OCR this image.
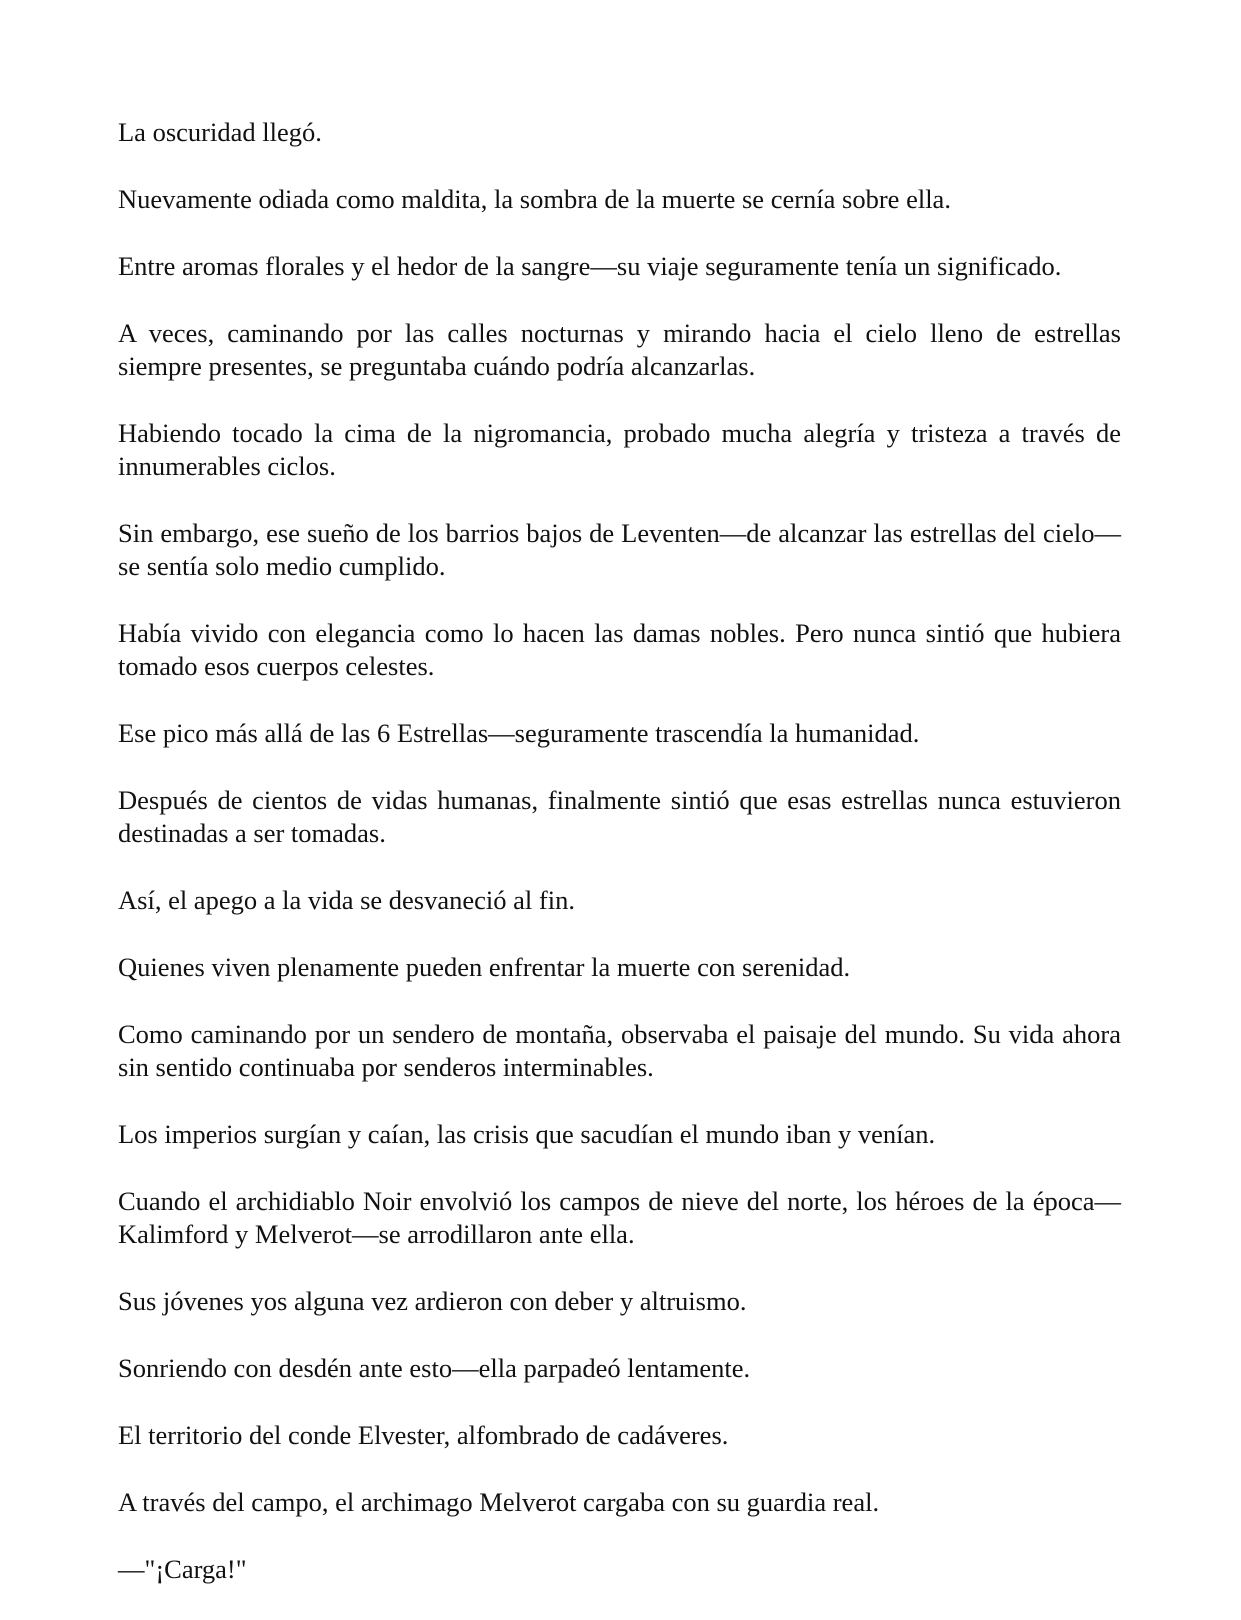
La oscuridad llegó.

Nuevamente odiada como maldita, la sombra de la muerte se cernía sobre ella.

Entre aromas florales y el hedor de la sangre—su viaje seguramente tenía un significado.

A veces, caminando por las calles nocturnas y mirando hacia el cielo lleno de estrellas siempre presentes, se preguntaba cuándo podría alcanzarlas.

Habiendo tocado la cima de la nigromancia, probado mucha alegría y tristeza a través de innumerables ciclos.

Sin embargo, ese sueño de los barrios bajos de Leventen—de alcanzar las estrellas del cielo—se sentía solo medio cumplido.

Había vivido con elegancia como lo hacen las damas nobles. Pero nunca sintió que hubiera tomado esos cuerpos celestes.

Ese pico más allá de las 6 Estrellas—seguramente trascendía la humanidad.

Después de cientos de vidas humanas, finalmente sintió que esas estrellas nunca estuvieron destinadas a ser tomadas.

Así, el apego a la vida se desvaneció al fin.

Quienes viven plenamente pueden enfrentar la muerte con serenidad.

Como caminando por un sendero de montaña, observaba el paisaje del mundo. Su vida ahora sin sentido continuaba por senderos interminables.

Los imperios surgían y caían, las crisis que sacudían el mundo iban y venían.

Cuando el archidiablo Noir envolvió los campos de nieve del norte, los héroes de la época—Kalimford y Melverot—se arrodillaron ante ella.

Sus jóvenes yos alguna vez ardieron con deber y altruismo.

Sonriendo con desdén ante esto—ella parpadeó lentamente.

El territorio del conde Elvester, alfombrado de cadáveres.

A través del campo, el archimago Melverot cargaba con su guardia real.

—"¡Carga!"
